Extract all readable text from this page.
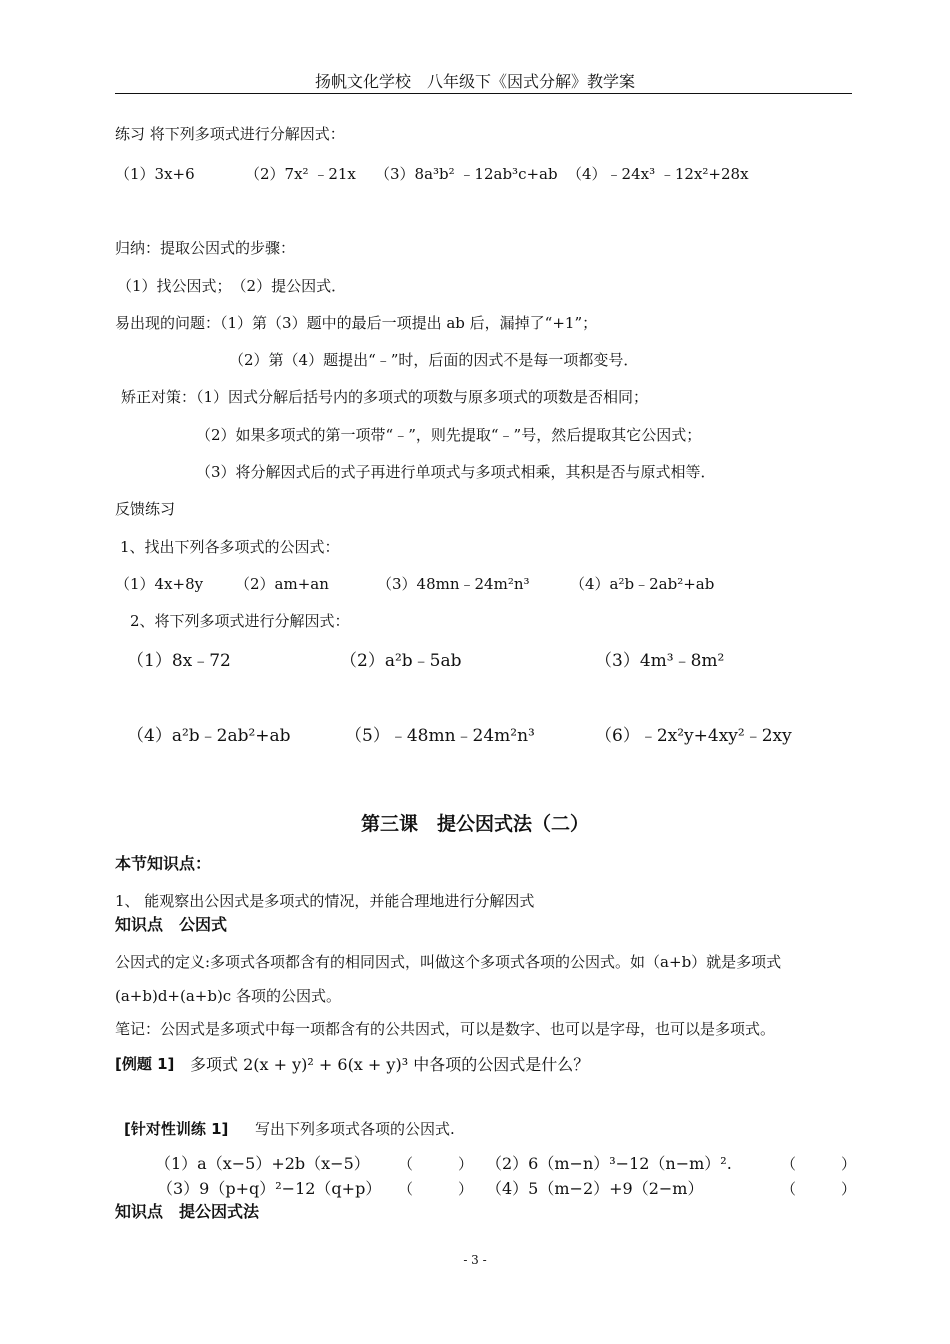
扬帆文化学校　八年级下《因式分解》教学案
练习 将下列多项式进行分解因式：
（1）3x+6	（2）7x² ﹣21x （3）8a³b² ﹣12ab³c+ab （4）﹣24x³ ﹣12x²+28x
归纳：提取公因式的步骤：
（1）找公因式；　（2）提公因式．
易出现的问题：（1）第（3）题中的最后一项提出 ab 后，漏掉了“+1”；
（2）第（4）题提出“﹣”时，后面的因式不是每一项都变号．
矫正对策：（1）因式分解后括号内的多项式的项数与原多项式的项数是否相同；
（2）如果多项式的第一项带“﹣”，则先提取“﹣”号，然后提取其它公因式；
（3）将分解因式后的式子再进行单项式与多项式相乘，其积是否与原式相等．
反馈练习
1、找出下列各多项式的公因式：
（1）4x+8y （2）am+an	（3）48mn﹣24m²n³	（4）a²b﹣2ab²+ab
2、将下列多项式进行分解因式：
（1）8x﹣72	（2）a²b﹣5ab	（3）4m³﹣8m²
（4）a²b﹣2ab²+ab	（5）﹣48mn﹣24m²n³	（6）﹣2x²y+4xy²﹣2xy
第三课　提公因式法（二）
本节知识点：
1、 能观察出公因式是多项式的情况，并能合理地进行分解因式
知识点　公因式
公因式的定义:多项式各项都含有的相同因式，叫做这个多项式各项的公因式。如（a+b）就是多项式
(a+b)d+(a+b)c 各项的公因式。
笔记：公因式是多项式中每一项都含有的公共因式，可以是数字、也可以是字母，也可以是多项式。
[例题 1] 多项式 2(x + y)² + 6(x + y)³ 中各项的公因式是什么？
[针对性训练 1] 写出下列多项式各项的公因式.
（1）a（x−5）+2b（x−5） （　　　） （2）6（m−n）³−12（n−m）².	（　　　）
（3）9（p+q）²−12（q+p） （　　　） （4）5（m−2）+9（2−m）	（　　　）
知识点　提公因式法
- 3 -
